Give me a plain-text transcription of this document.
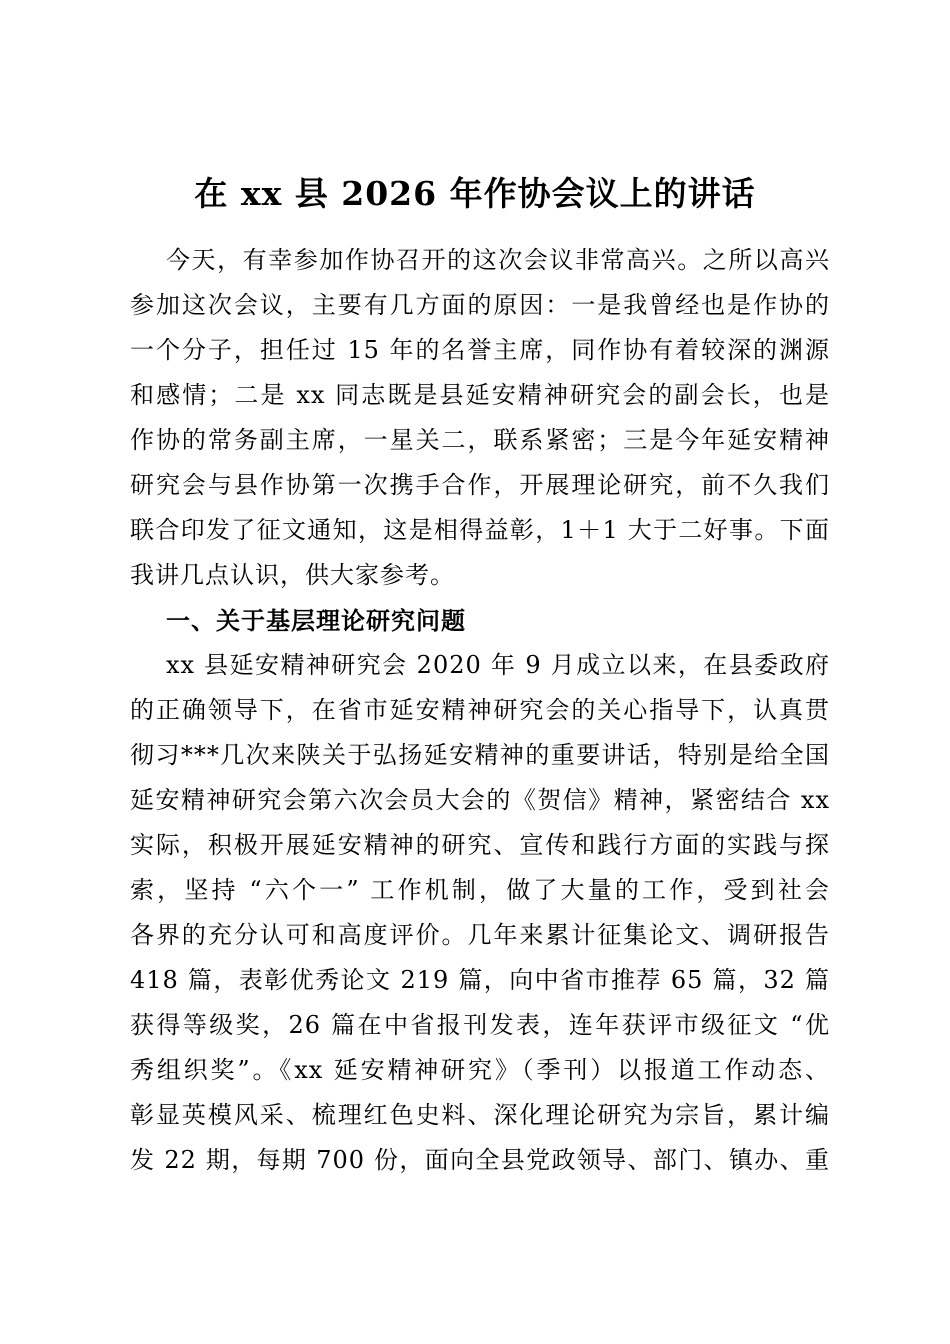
在 xx 县 2026 年作协会议上的讲话
今天，有幸参加作协召开的这次会议非常高兴。之所以高兴
参加这次会议，主要有几方面的原因：一是我曾经也是作协的
一个分子，担任过 15 年的名誉主席，同作协有着较深的渊源
和感情；二是 xx 同志既是县延安精神研究会的副会长，也是
作协的常务副主席，一星关二，联系紧密；三是今年延安精神
研究会与县作协第一次携手合作，开展理论研究，前不久我们
联合印发了征文通知，这是相得益彰，1＋1 大于二好事。下面
我讲几点认识，供大家参考。
一、关于基层理论研究问题
xx 县延安精神研究会 2020 年 9 月成立以来，在县委政府
的正确领导下，在省市延安精神研究会的关心指导下，认真贯
彻习***几次来陕关于弘扬延安精神的重要讲话，特别是给全国
延安精神研究会第六次会员大会的《贺信》精神，紧密结合 xx
实际，积极开展延安精神的研究、宣传和践行方面的实践与探
索，坚持 “六个一” 工作机制，做了大量的工作，受到社会
各界的充分认可和高度评价。几年来累计征集论文、调研报告
418 篇，表彰优秀论文 219 篇，向中省市推荐 65 篇，32 篇
获得等级奖，26 篇在中省报刊发表，连年获评市级征文 “优
秀组织奖”。《xx 延安精神研究》（季刊）以报道工作动态、
彰显英模风采、梳理红色史料、深化理论研究为宗旨，累计编
发 22 期，每期 700 份，面向全县党政领导、部门、镇办、重
